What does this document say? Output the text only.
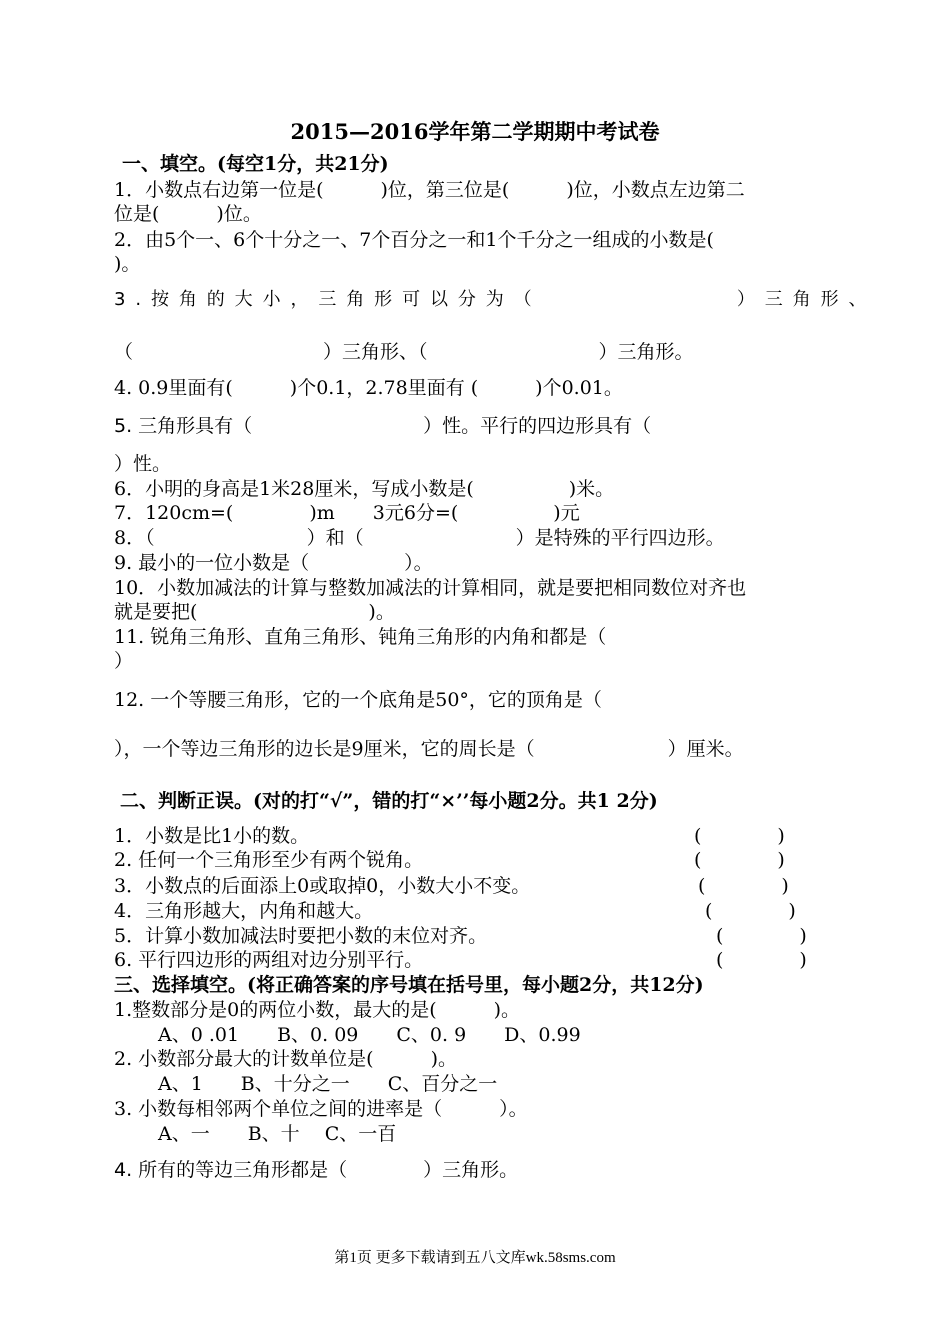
2015—2016学年第二学期期中考试卷
一、填空。(每空1分，共21分)
1．小数点右边第一位是(　　　)位，第三位是(　　　)位，小数点左边第二
位是(　　　)位。
2．由5个一、6个十分之一、7个百分之一和1个千分之一组成的小数是(
)。
3.按角的大小，三角形可以分为（　　　　　　　）三角形、
（　　　　　　　　　　）三角形、（　　　　　　　　　）三角形。
4. 0.9里面有(　　　)个0.1，2.78里面有 (　　　)个0.01。
5. 三角形具有（　　　　　　　　　）性。平行的四边形具有（
）性。
6．小明的身高是1米28厘米，写成小数是(　　　　　)米。
7．120cm=(　　　　)m　　3元6分=(　　　　　)元
8．（　　　　　　　　）和（　　　　　　　　）是特殊的平行四边形。
9. 最小的一位小数是（　　　　　）。
10．小数加减法的计算与整数加减法的计算相同，就是要把相同数位对齐也
就是要把(　　　　　　　　　)。
11. 锐角三角形、直角三角形、钝角三角形的内角和都是（
）
12. 一个等腰三角形，它的一个底角是50°，它的顶角是（
），一个等边三角形的边长是9厘米，它的周长是（　　　　　　　）厘米。
二、判断正误。(对的打“√”，错的打“×’’每小题2分。共1 2分)
1．小数是比1小的数。	(　　　　)
2. 任何一个三角形至少有两个锐角。	(　　　　)
3．小数点的后面添上0或取掉0，小数大小不变。	(　　　　)
4．三角形越大，内角和越大。	(　　　　)
5．计算小数加减法时要把小数的末位对齐。	(　　　　)
6. 平行四边形的两组对边分别平行。	(　　　　)
三、选择填空。(将正确答案的序号填在括号里，每小题2分，共12分)
1.整数部分是0的两位小数，最大的是(　　　)。
A、0 .01　　B、0. 09　　C、0. 9　　D、0.99
2. 小数部分最大的计数单位是(　　　)。
A、1　　B、十分之一　　C、百分之一
3. 小数每相邻两个单位之间的进率是（　　　）。
A、一　　B、十　 C、一百
4. 所有的等边三角形都是（　　　　）三角形。
第1页 更多下载请到五八文库wk.58sms.com
